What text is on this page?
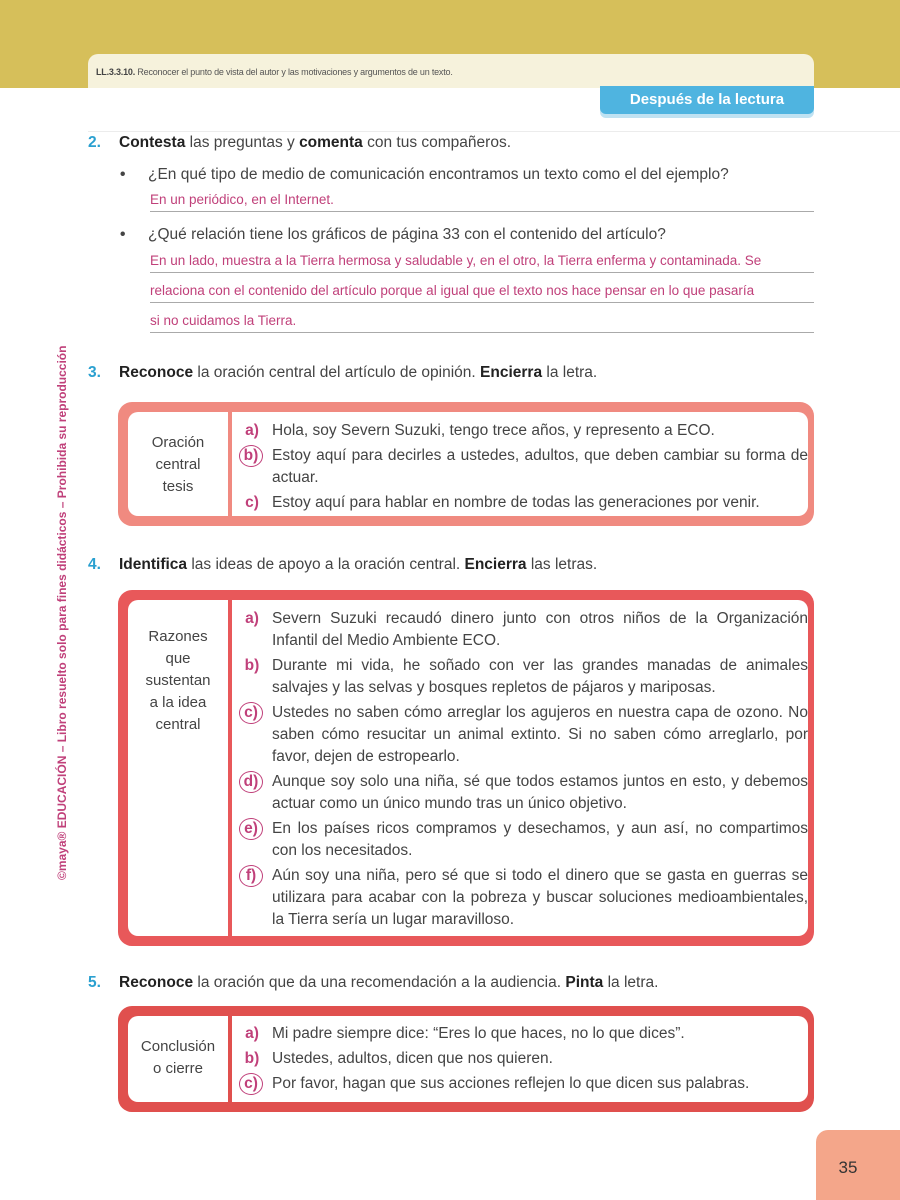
LL.3.3.10. Reconocer el punto de vista del autor y las motivaciones y argumentos de un texto.
Después de la lectura
©maya® EDUCACIÓN – Libro resuelto solo para fines didácticos – Prohibida su reproducción
2. Contesta las preguntas y comenta con tus compañeros.
• ¿En qué tipo de medio de comunicación encontramos un texto como el del ejemplo?
En un periódico, en el Internet.
• ¿Qué relación tiene los gráficos de página 33 con el contenido del artículo?
En un lado, muestra a la Tierra hermosa y saludable y, en el otro, la Tierra enferma y contaminada. Se
relaciona con el contenido del artículo porque al igual que el texto nos hace pensar en lo que pasaría
si no cuidamos la Tierra.
3. Reconoce la oración central del artículo de opinión. Encierra la letra.
Oración
central
tesis
a) Hola, soy Severn Suzuki, tengo trece años, y represento a ECO.
b) Estoy aquí para decirles a ustedes, adultos, que deben cambiar su forma de actuar.
c) Estoy aquí para hablar en nombre de todas las generaciones por venir.
4. Identifica las ideas de apoyo a la oración central. Encierra las letras.
Razones
que
sustentan
a la idea
central
a) Severn Suzuki recaudó dinero junto con otros niños de la Organización Infantil del Medio Ambiente ECO.
b) Durante mi vida, he soñado con ver las grandes manadas de animales salvajes y las selvas y bosques repletos de pájaros y mariposas.
c) Ustedes no saben cómo arreglar los agujeros en nuestra capa de ozono. No saben cómo resucitar un animal extinto. Si no saben cómo arreglarlo, por favor, dejen de estropearlo.
d) Aunque soy solo una niña, sé que todos estamos juntos en esto, y debemos actuar como un único mundo tras un único objetivo.
e) En los países ricos compramos y desechamos, y aun así, no compartimos con los necesitados.
f)	Aún soy una niña, pero sé que si todo el dinero que se gasta en guerras se utilizara para acabar con la pobreza y buscar soluciones medioambientales, la Tierra sería un lugar maravilloso.
5. Reconoce la oración que da una recomendación a la audiencia. Pinta la letra.
Conclusión
o cierre
a) Mi padre siempre dice: “Eres lo que haces, no lo que dices”.
b) Ustedes, adultos, dicen que nos quieren.
c) Por favor, hagan que sus acciones reflejen lo que dicen sus palabras.
35
